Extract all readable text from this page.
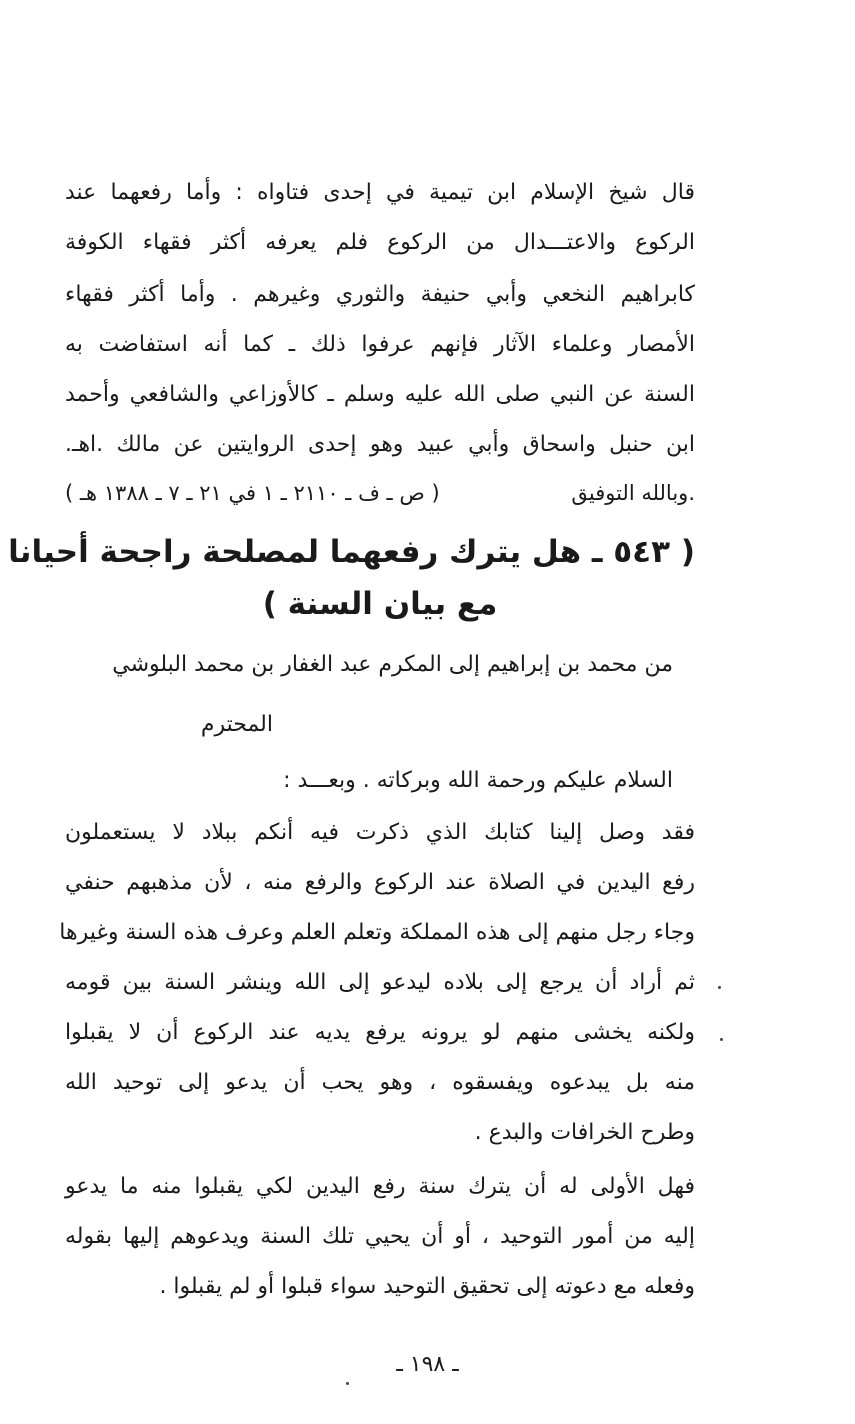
قال شيخ الإسلام ابن تيمية في إحدى فتاواه : وأما رفعهما عند
الركوع والاعتـــدال من الركوع فلم يعرفه أكثر فقهاء الكوفة
كابراهيم النخعي وأبي حنيفة والثوري وغيرهم . وأما أكثر فقهاء
الأمصار وعلماء الآثار فإنهم عرفوا ذلك ـ كما أنه استفاضت به
السنة عن النبي صلى الله عليه وسلم ـ كالأوزاعي والشافعي وأحمد
ابن حنبل واسحاق وأبي عبيد وهو إحدى الروايتين عن مالك .اهـ.
( ص ـ ف ـ ٢١١٠ ـ ١ في ٢١ ـ ٧ ـ ١٣٨٨ هـ )	.وبالله التوفيق
( ٥٤٣ ـ هل يترك رفعهما لمصلحة راجحة أحيانا
مع بيان السنة )
من محمد بن إبراهيم إلى المكرم عبد الغفار بن محمد البلوشي
المحترم
السلام عليكم ورحمة الله وبركاته . وبعـــد :
فقد وصل إلينا كتابك الذي ذكرت فيه أنكم ببلاد لا يستعملون
رفع اليدين في الصلاة عند الركوع والرفع منه ، لأن مذهبهم حنفي
وجاء رجل منهم إلى هذه المملكة وتعلم العلم وعرف هذه السنة وغيرها
ثم أراد أن يرجع إلى بلاده ليدعو إلى الله وينشر السنة بين قومه
ولكنه يخشى منهم لو يرونه يرفع يديه عند الركوع أن لا يقبلوا
منه بل يبدعوه ويفسقوه ، وهو يحب أن يدعو إلى توحيد الله
وطرح الخرافات والبدع .
فهل الأولى له أن يترك سنة رفع اليدين لكي يقبلوا منه ما يدعو
إليه من أمور التوحيد ، أو أن يحيي تلك السنة ويدعوهم إليها بقوله
وفعله مع دعوته إلى تحقيق التوحيد سواء قبلوا أو لم يقبلوا .
ـ ١٩٨ ـ
